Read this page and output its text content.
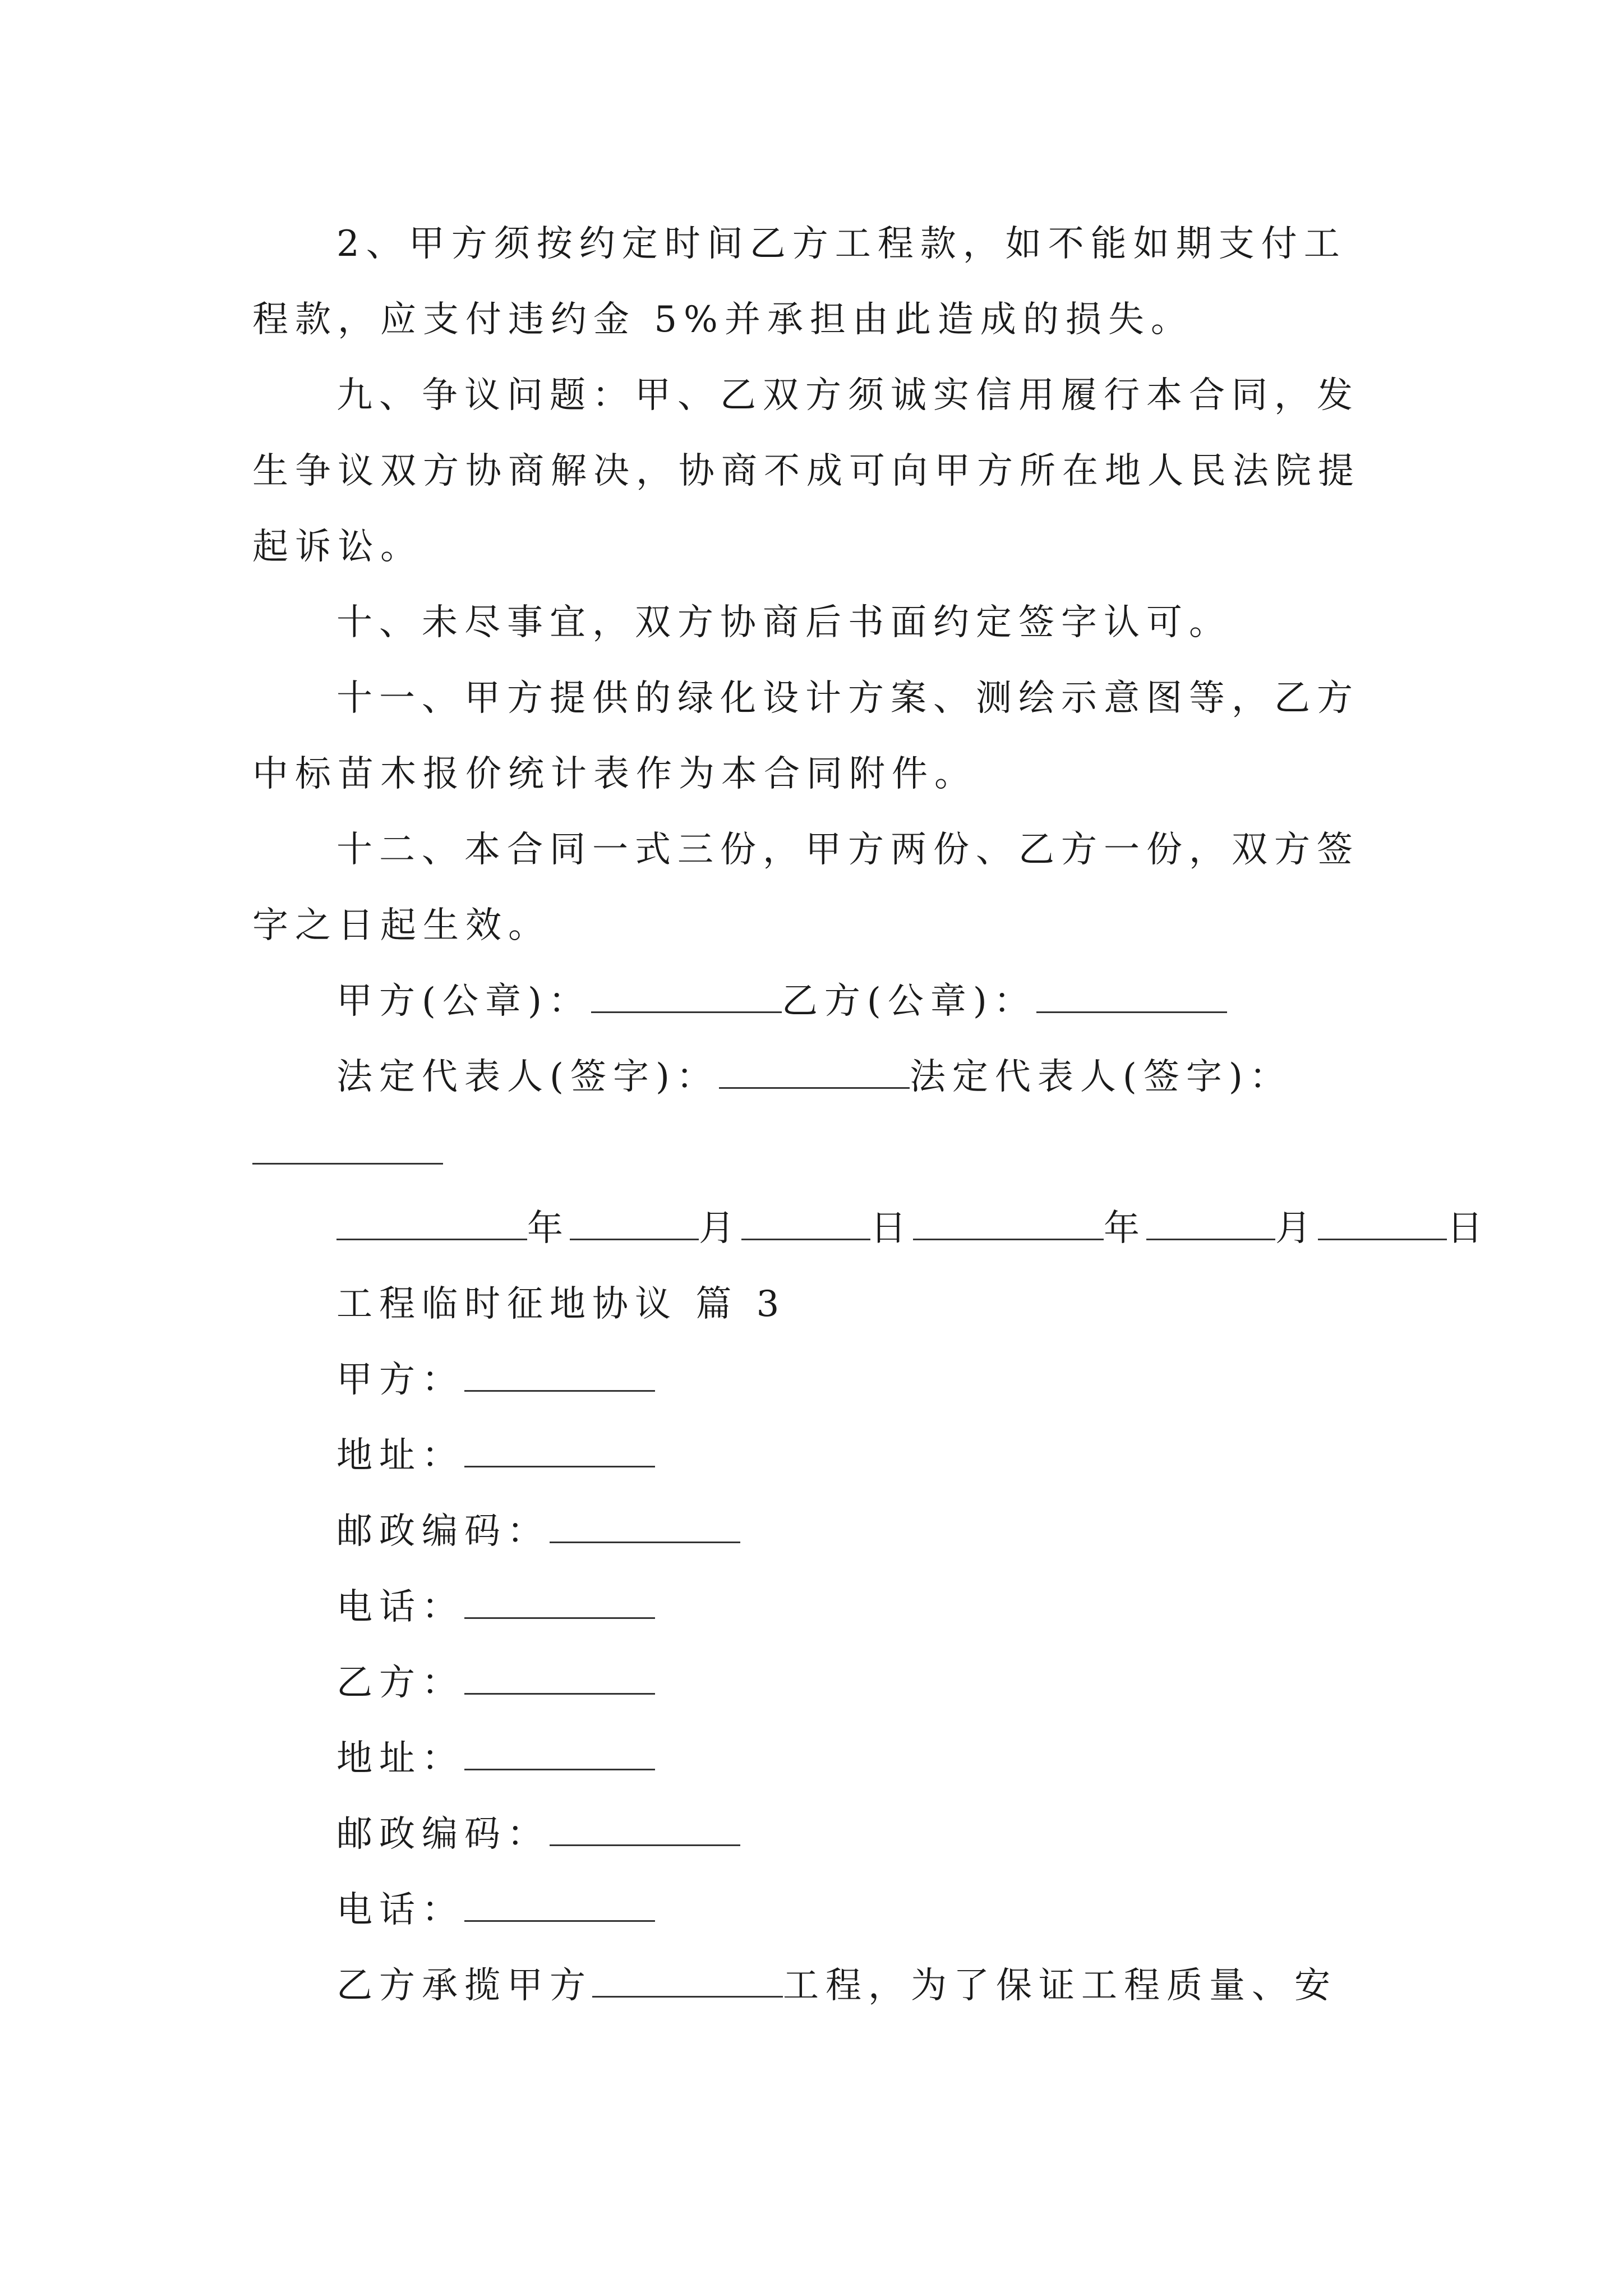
2、甲方须按约定时间乙方工程款，如不能如期支付工
程款，应支付违约金 5%并承担由此造成的损失。
九、争议问题：甲、乙双方须诚实信用履行本合同，发
生争议双方协商解决，协商不成可向甲方所在地人民法院提
起诉讼。
十、未尽事宜，双方协商后书面约定签字认可。
十一、甲方提供的绿化设计方案、测绘示意图等，乙方
中标苗木报价统计表作为本合同附件。
十二、本合同一式三份，甲方两份、乙方一份，双方签
字之日起生效。
甲方(公章)：	乙方(公章)：
法定代表人(签字)：	法定代表人(签字)：
年	月	日	年	月	日
工程临时征地协议 篇 3
甲方：
地址：
邮政编码：
电话：
乙方：
地址：
邮政编码：
电话：
乙方承揽甲方	工程，为了保证工程质量、安
